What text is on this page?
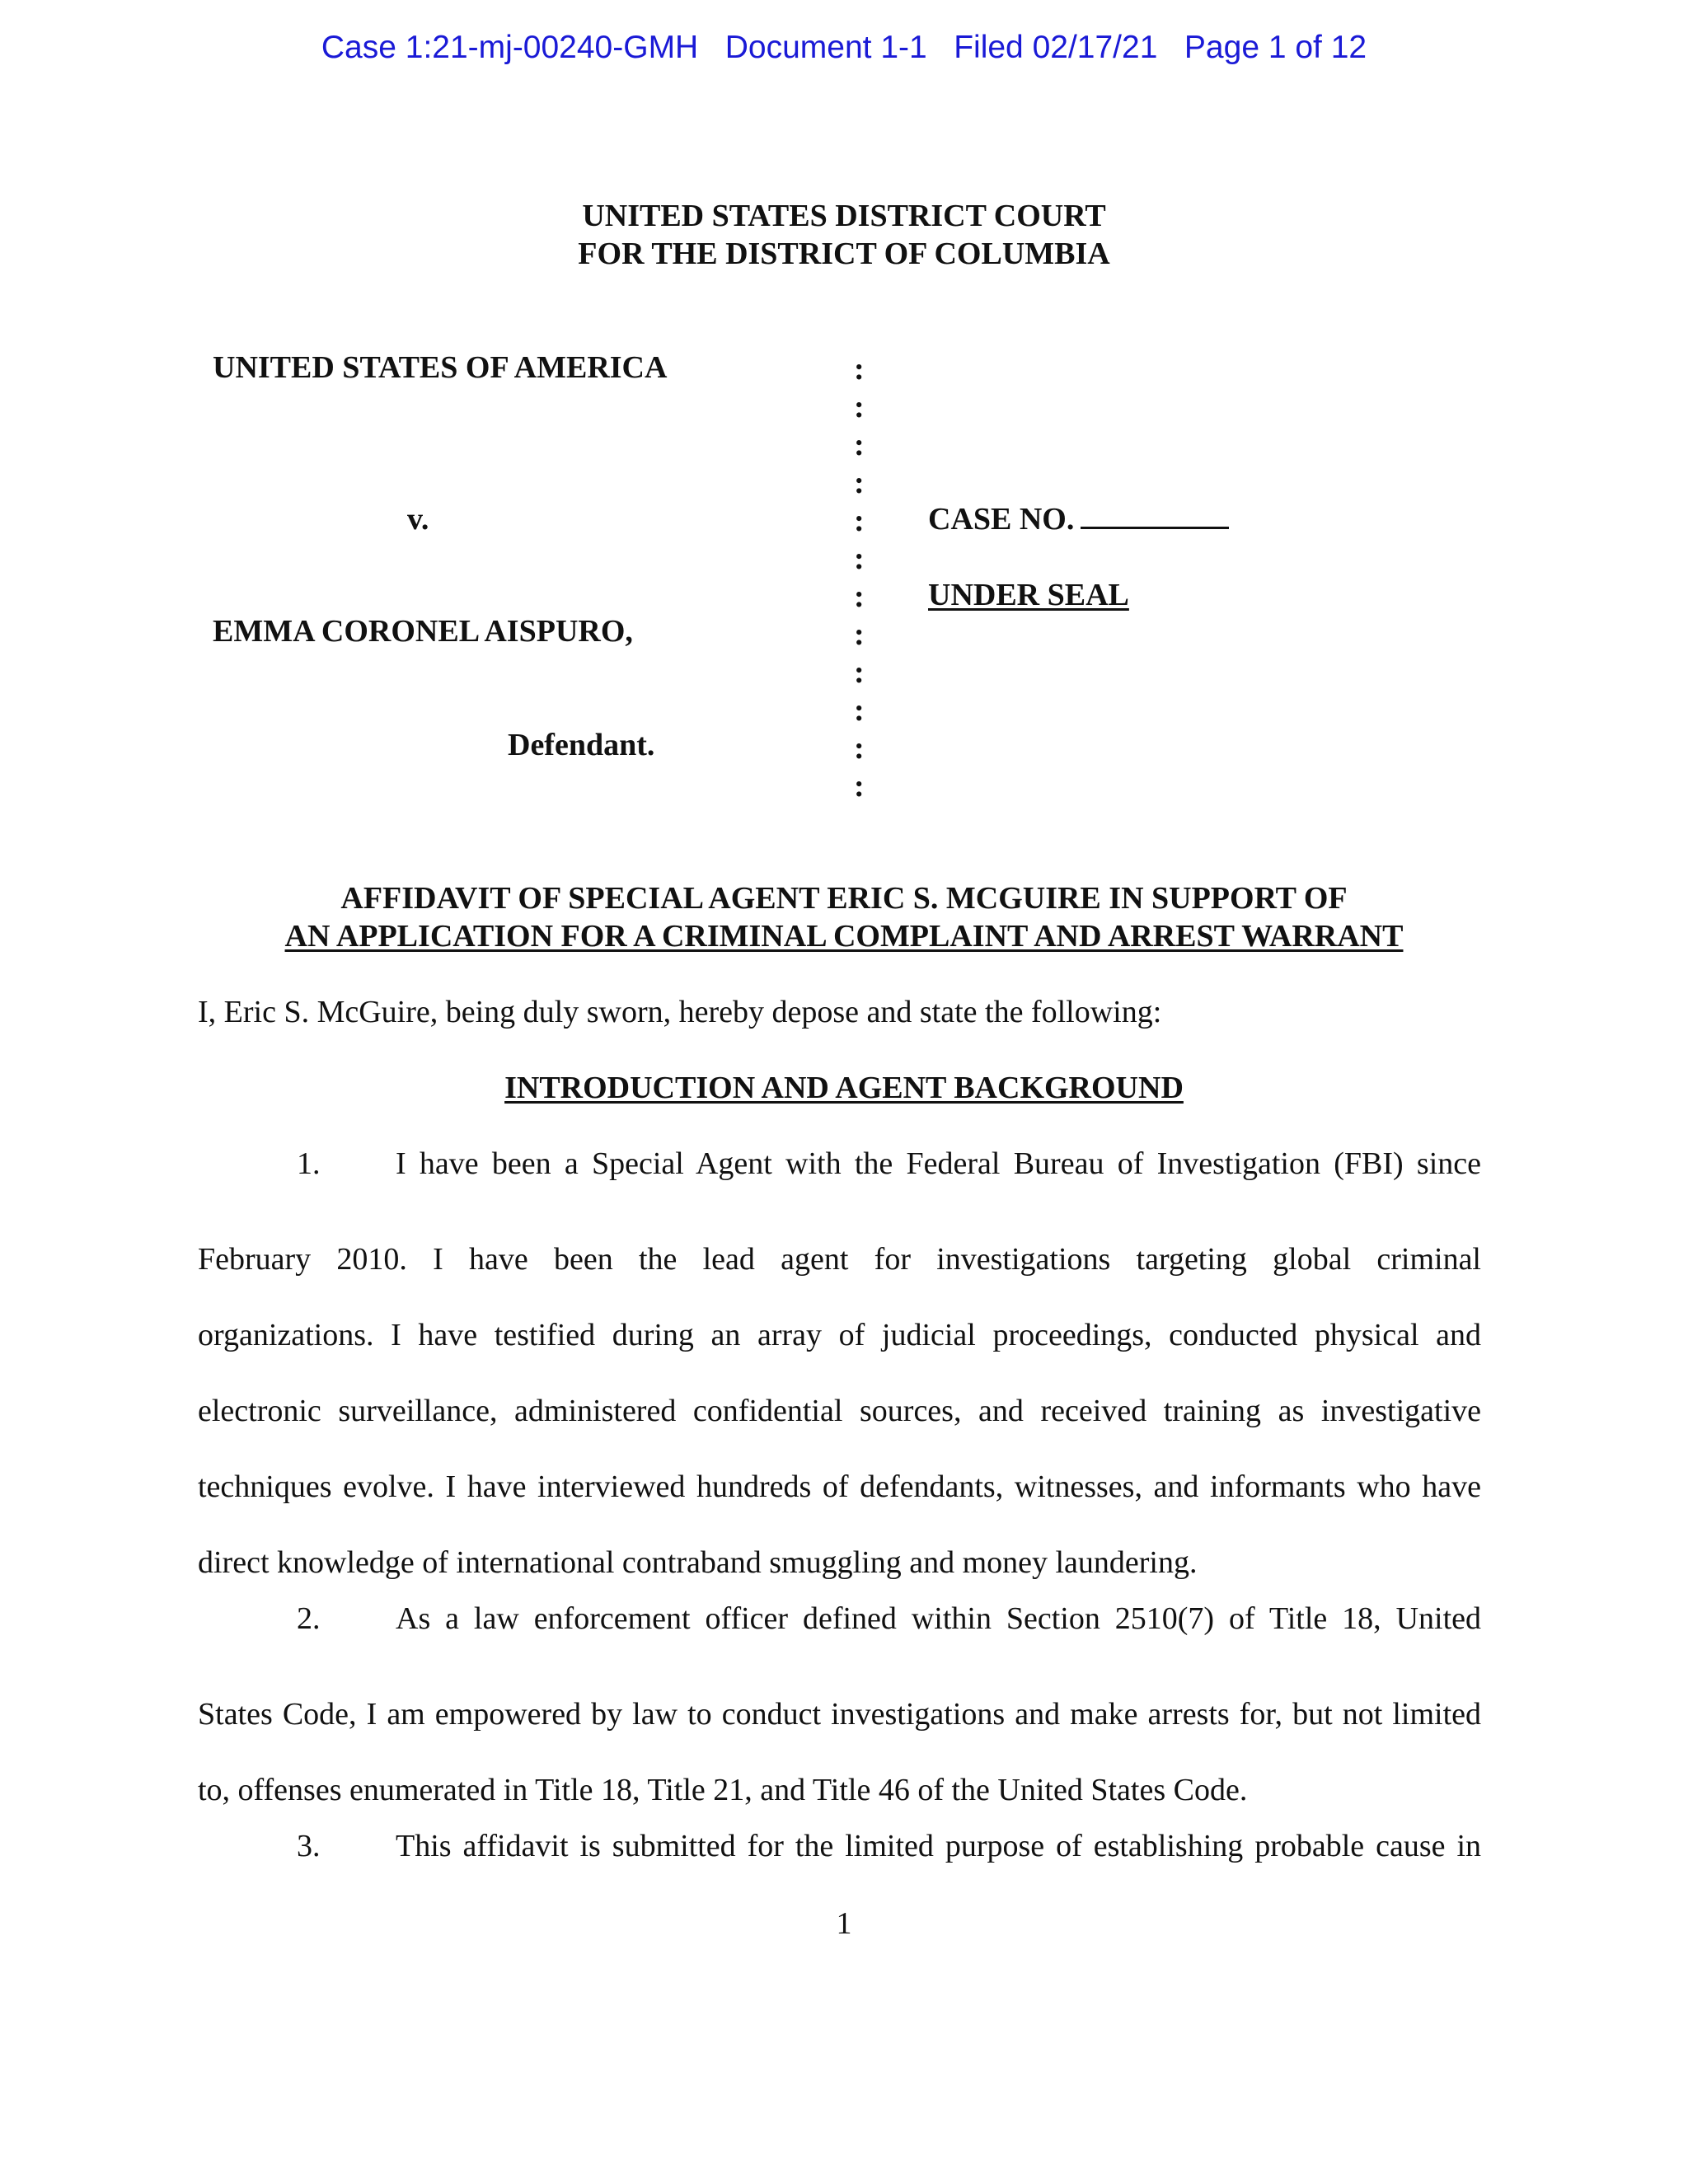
Case 1:21-mj-00240-GMH Document 1-1 Filed 02/17/21 Page 1 of 12
UNITED STATES DISTRICT COURT
FOR THE DISTRICT OF COLUMBIA
UNITED STATES OF AMERICA
v.
EMMA CORONEL AISPURO,
Defendant.
:
:
:
:
:
:
:
:
:
:
:
:
CASE NO.
UNDER SEAL
AFFIDAVIT OF SPECIAL AGENT ERIC S. MCGUIRE IN SUPPORT OF
AN APPLICATION FOR A CRIMINAL COMPLAINT AND ARREST WARRANT
I, Eric S. McGuire, being duly sworn, hereby depose and state the following:
INTRODUCTION AND AGENT BACKGROUND
1. I have been a Special Agent with the Federal Bureau of Investigation (FBI) since
February 2010. I have been the lead agent for investigations targeting global criminal
organizations. I have testified during an array of judicial proceedings, conducted physical and
electronic surveillance, administered confidential sources, and received training as investigative
techniques evolve. I have interviewed hundreds of defendants, witnesses, and informants who have
direct knowledge of international contraband smuggling and money laundering.
2. As a law enforcement officer defined within Section 2510(7) of Title 18, United
States Code, I am empowered by law to conduct investigations and make arrests for, but not limited
to, offenses enumerated in Title 18, Title 21, and Title 46 of the United States Code.
3. This affidavit is submitted for the limited purpose of establishing probable cause in
1
